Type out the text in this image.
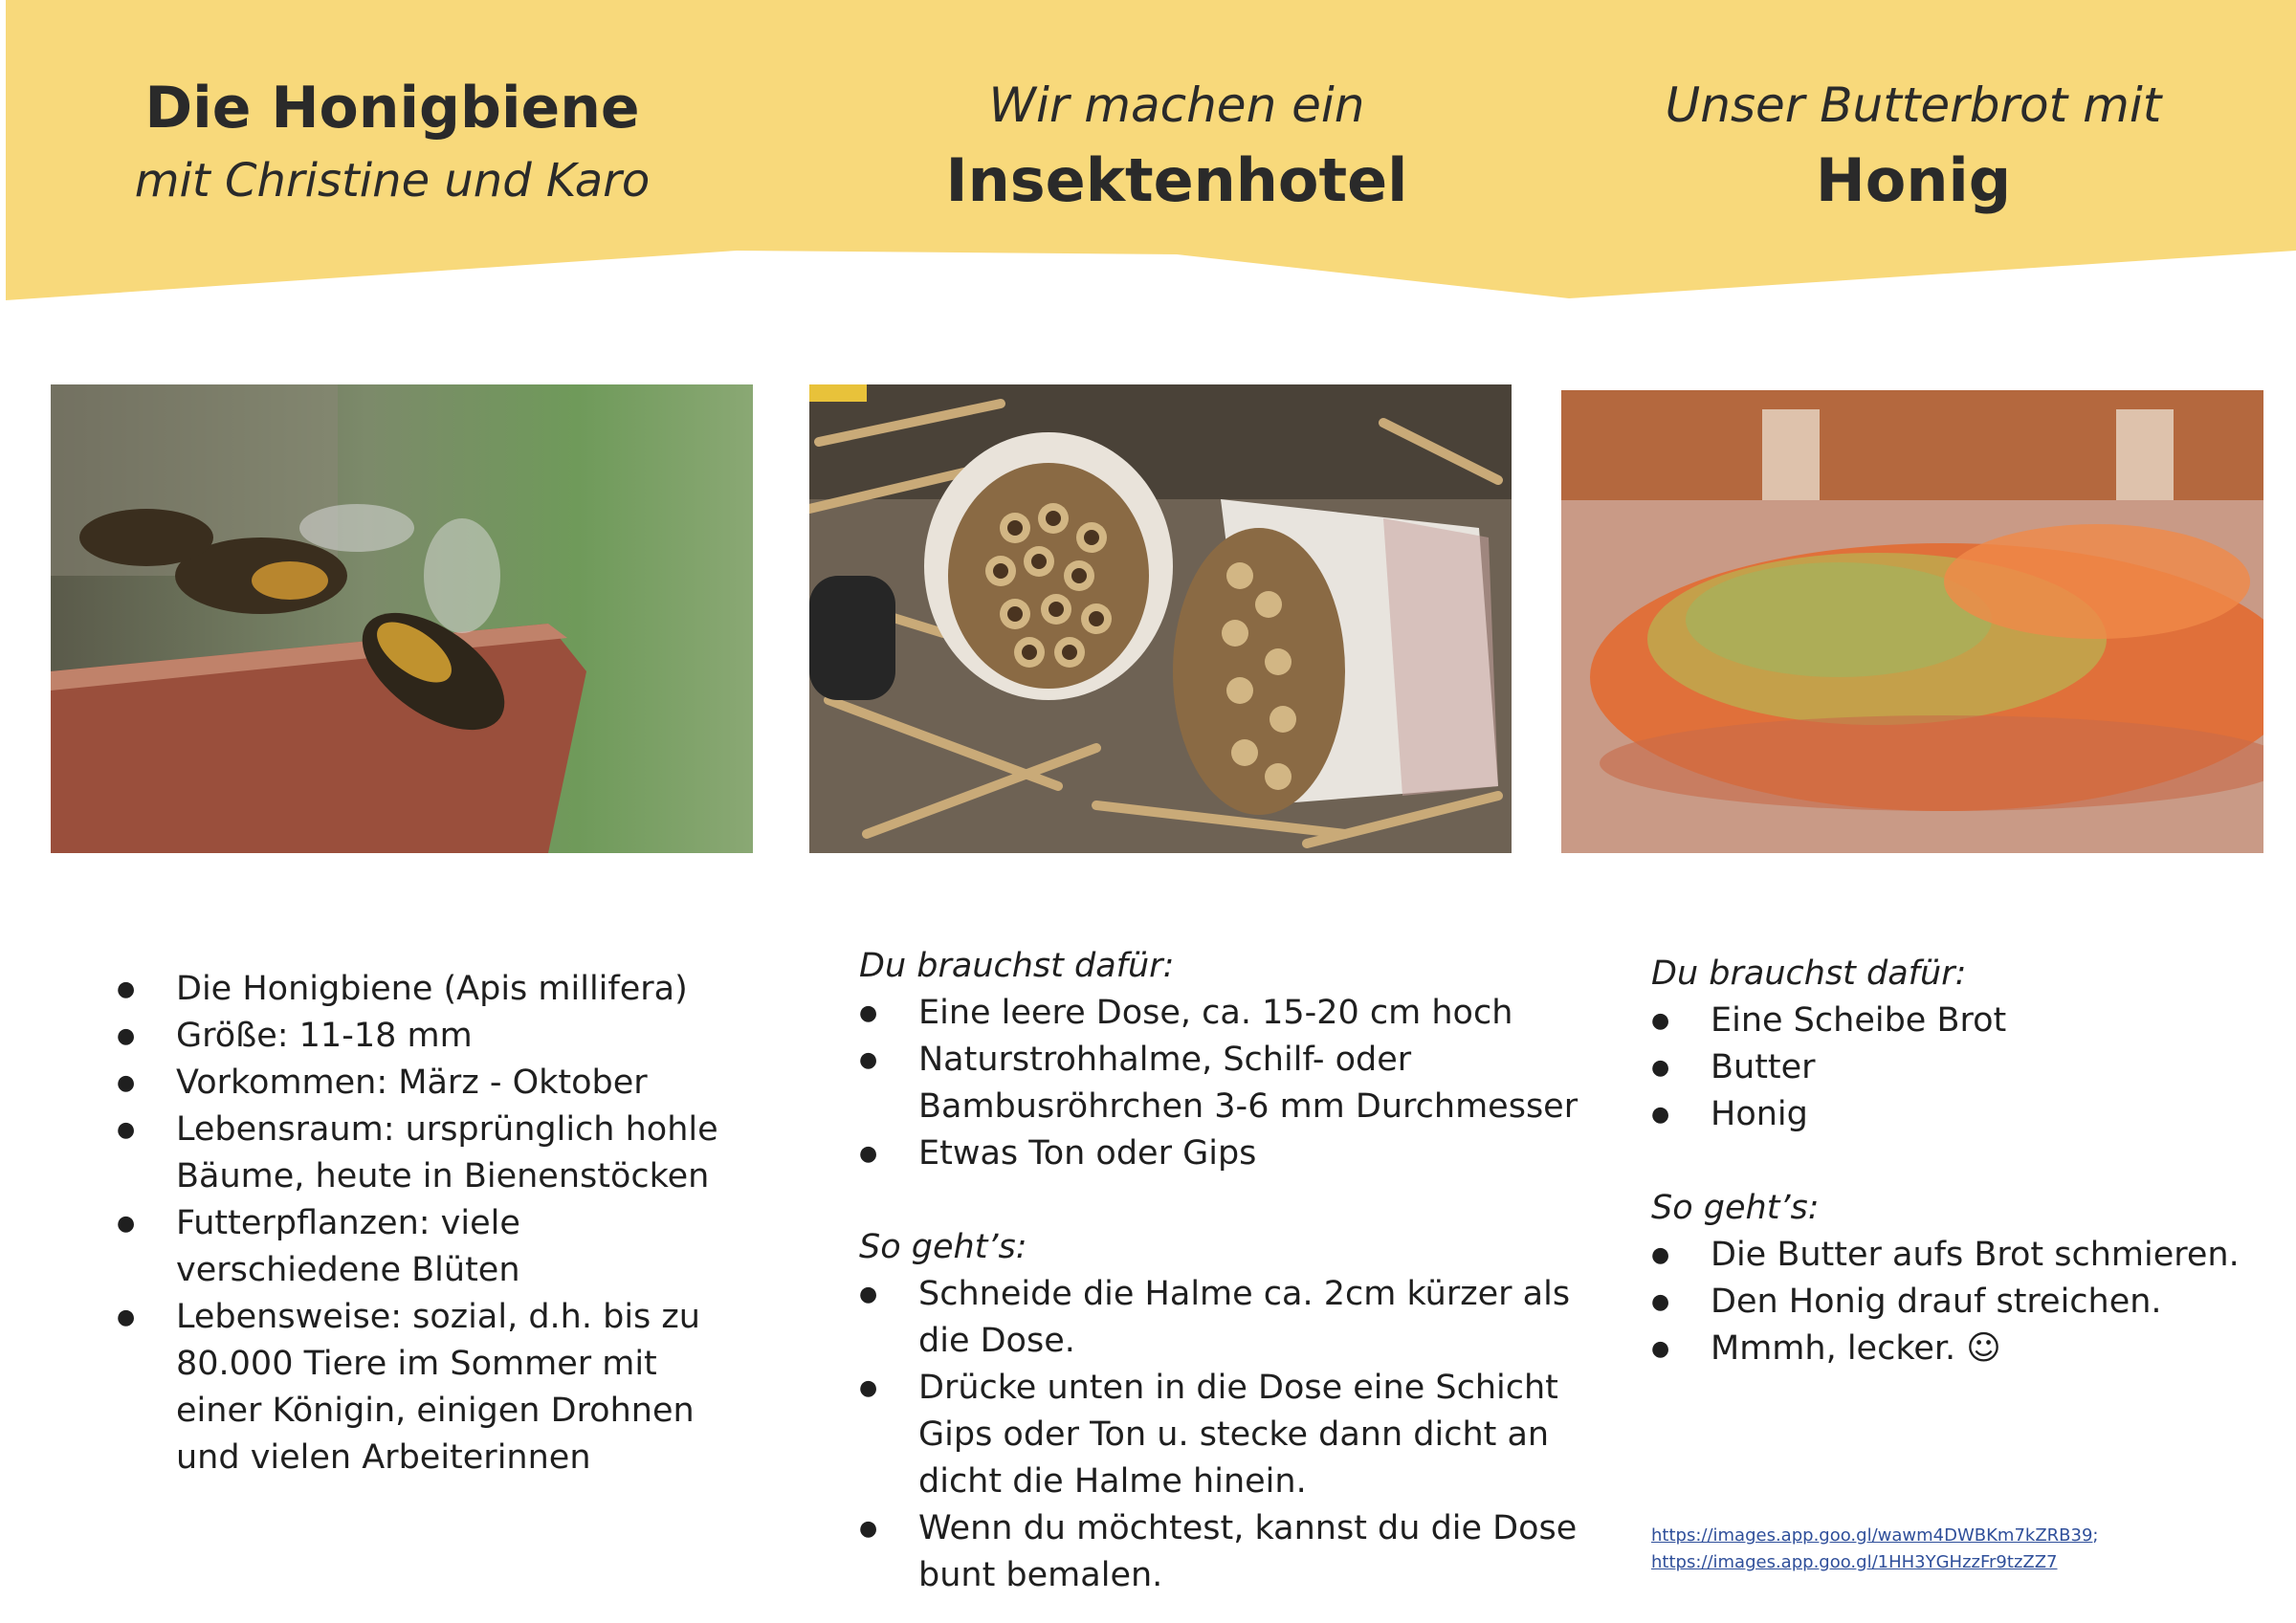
Die Honigbiene
mit Christine und Karo
Wir machen ein
Insektenhotel
Unser Butterbrot mit
Honig
● Die Honigbiene (Apis millifera)
● Größe: 11-18 mm
● Vorkommen: März - Oktober
● Lebensraum: ursprünglich hohle Bäume, heute in Bienenstöcken
● Futterpflanzen: viele verschiedene Blüten
● Lebensweise: sozial, d.h. bis zu 80.000 Tiere im Sommer mit einer Königin, einigen Drohnen und vielen Arbeiterinnen
Du brauchst dafür:
● Eine leere Dose, ca. 15-20 cm hoch
● Naturstrohhalme, Schilf- oder Bambusröhrchen 3-6 mm Durchmesser
● Etwas Ton oder Gips
So geht’s:
● Schneide die Halme ca. 2cm kürzer als die Dose.
● Drücke unten in die Dose eine Schicht Gips oder Ton u. stecke dann dicht an dicht die Halme hinein.
● Wenn du möchtest, kannst du die Dose bunt bemalen.
Du brauchst dafür:
● Eine Scheibe Brot
● Butter
● Honig
So geht’s:
● Die Butter aufs Brot schmieren.
● Den Honig drauf streichen.
● Mmmh, lecker. ☺
https://images.app.goo.gl/wawm4DWBKm7kZRB39;
https://images.app.goo.gl/1HH3YGHzzFr9tzZZ7
